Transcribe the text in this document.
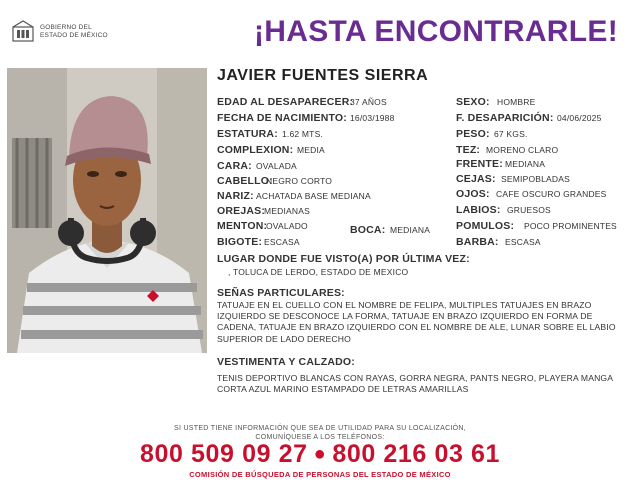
GOBIERNO DEL
ESTADO DE MÉXICO	¡HASTA ENCONTRARLE!
JAVIER FUENTES SIERRA
EDAD AL DESAPARECER:
37 AÑOS
FECHA DE NACIMIENTO: 16/03/1988
ESTATURA: 1.62 MTS.
COMPLEXION: MEDIA
CARA: OVALADA
CABELLO:
NEGRO CORTO
NARIZ: ACHATADA BASE MEDIANA
OREJAS:
MEDIANAS
MENTON:
OVALADO	BOCA: MEDIANA
BIGOTE: ESCASA
SEXO: HOMBRE
F. DESAPARICIÓN: 04/06/2025
PESO: 67 KGS.
TEZ: MORENO CLARO
FRENTE: MEDIANA
CEJAS: SEMIPOBLADAS
OJOS: CAFE OSCURO GRANDES
LABIOS: GRUESOS
POMULOS: POCO PROMINENTES
BARBA: ESCASA
LUGAR DONDE FUE VISTO(A) POR ÚLTIMA VEZ:
, TOLUCA DE LERDO, ESTADO DE MEXICO
SEÑAS PARTICULARES:
TATUAJE EN EL CUELLO CON EL NOMBRE DE FELIPA, MULTIPLES TATUAJES EN BRAZO IZQUIERDO SE DESCONOCE LA FORMA, TATUAJE EN BRAZO IZQUIERDO EN FORMA DE CADENA, TATUAJE EN BRAZO IZQUIERDO CON EL NOMBRE DE ALE, LUNAR SOBRE EL LABIO SUPERIOR DE LADO DERECHO
VESTIMENTA Y CALZADO:
TENIS DEPORTIVO BLANCAS CON RAYAS, GORRA NEGRA, PANTS NEGRO, PLAYERA MANGA CORTA AZUL MARINO ESTAMPADO DE LETRAS AMARILLAS
SI USTED TIENE INFORMACIÓN QUE SEA DE UTILIDAD PARA SU LOCALIZACIÓN,
COMUNÍQUESE A LOS TELÉFONOS:
800 509 09 27 ● 800 216 03 61
COMISIÓN DE BÚSQUEDA DE PERSONAS DEL ESTADO DE MÉXICO
